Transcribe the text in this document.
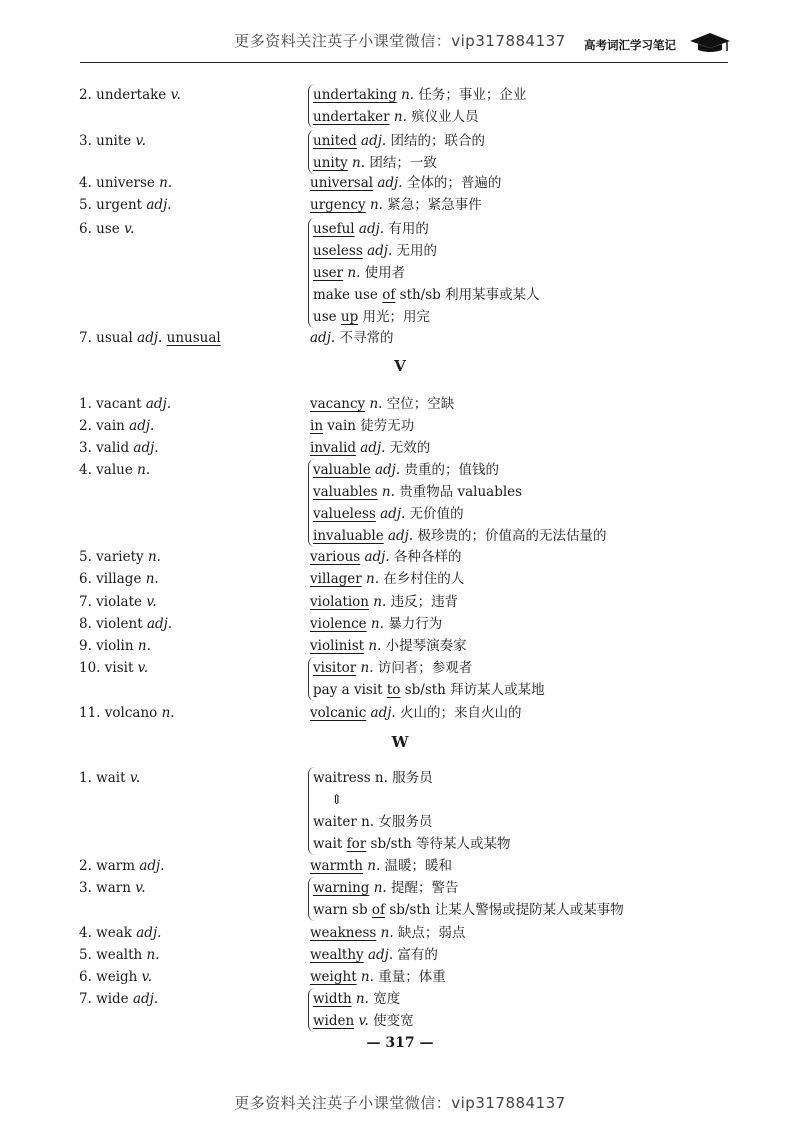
更多资料关注英子小课堂微信：vip317884137	高考词汇学习笔记
2. undertake v.	undertaking n. 任务；事业；企业
undertaker n. 殡仪业人员
3. unite v.	united adj. 团结的；联合的
unity n. 团结；一致
4. universe n.	universal adj. 全体的；普遍的
5. urgent adj.	urgency n. 紧急；紧急事件
6. use v.	useful adj. 有用的
useless adj. 无用的
user n. 使用者
make use of sth/sb 利用某事或某人
use up 用光；用完
7. usual adj. unusual	adj. 不寻常的
V
1. vacant adj.	vacancy n. 空位；空缺
2. vain adj.	in vain 徒劳无功
3. valid adj.	invalid adj. 无效的
4. value n.	valuable adj. 贵重的；值钱的
valuables n. 贵重物品 valuables
valueless adj. 无价值的
invaluable adj. 极珍贵的；价值高的无法估量的
5. variety n.	various adj. 各种各样的
6. village n.	villager n. 在乡村住的人
7. violate v.	violation n. 违反；违背
8. violent adj.	violence n. 暴力行为
9. violin n.	violinist n. 小提琴演奏家
10. visit v.	visitor n. 访问者；参观者
pay a visit to sb/sth 拜访某人或某地
11. volcano n.	volcanic adj. 火山的；来自火山的
W
1. wait v.	waitress n. 服务员
⇕
waiter n. 女服务员
wait for sb/sth 等待某人或某物
2. warm adj.	warmth n. 温暖；暖和
3. warn v.	warning n. 提醒；警告
warn sb of sb/sth 让某人警惕或提防某人或某事物
4. weak adj.	weakness n. 缺点；弱点
5. wealth n.	wealthy adj. 富有的
6. weigh v.	weight n. 重量；体重
7. wide adj.	width n. 宽度
widen v. 使变宽
— 317 —
更多资料关注英子小课堂微信：vip317884137
